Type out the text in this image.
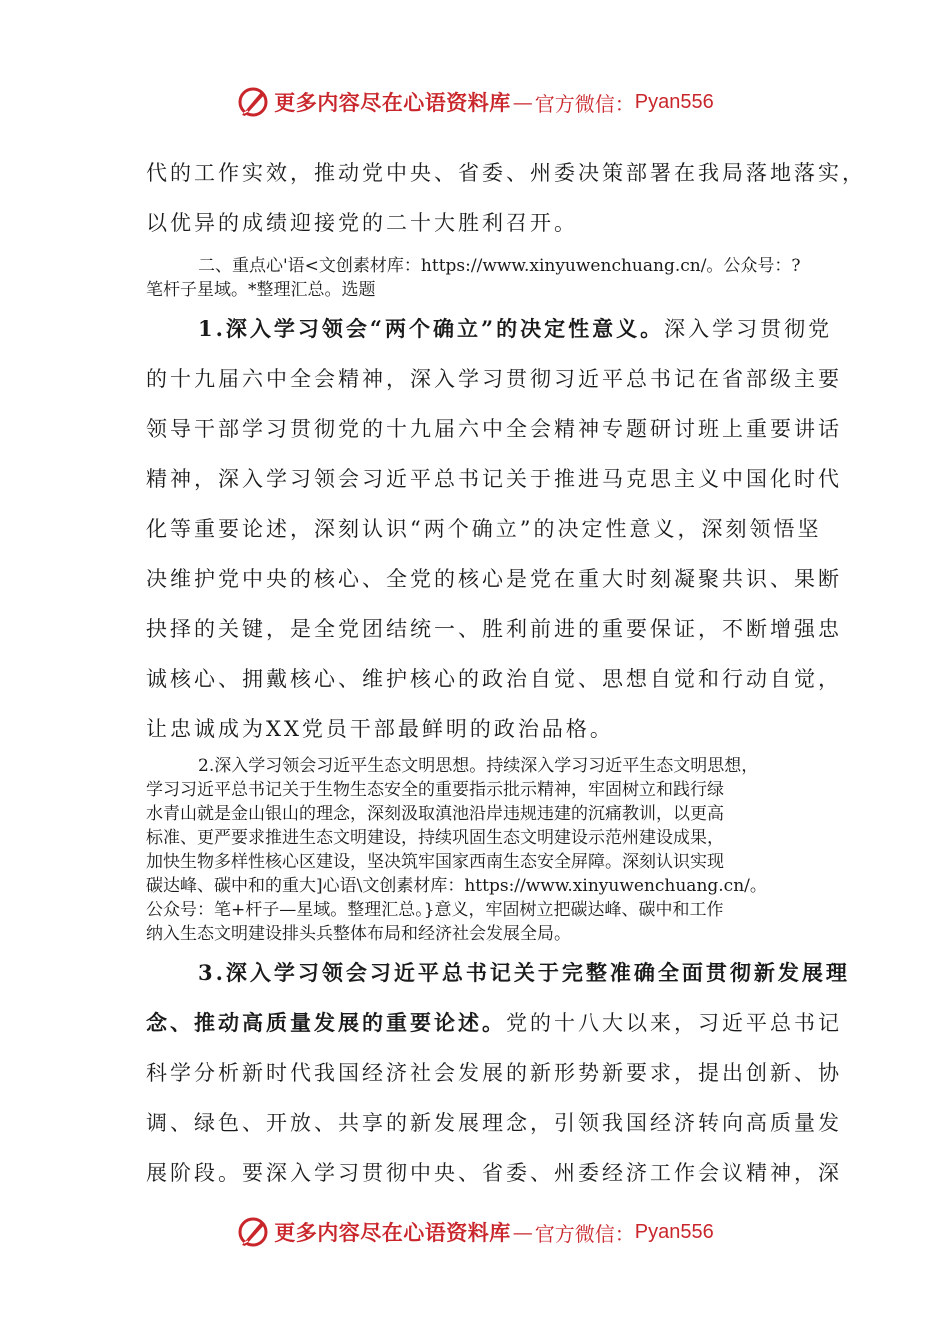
更多内容尽在心语资料库 — 官方微信： Pyan556
代的工作实效，推动党中央、省委、州委决策部署在我局落地落实，
以优异的成绩迎接党的二十大胜利召开。
二、重点心'语<文创素材库：https://www.xinyuwenchuang.cn/。公众号：?
笔杆子星域。*整理汇总。选题
1.深入学习领会“两个确立”的决定性意义。深入学习贯彻党
的十九届六中全会精神，深入学习贯彻习近平总书记在省部级主要
领导干部学习贯彻党的十九届六中全会精神专题研讨班上重要讲话
精神，深入学习领会习近平总书记关于推进马克思主义中国化时代
化等重要论述，深刻认识“两个确立”的决定性意义，深刻领悟坚
决维护党中央的核心、全党的核心是党在重大时刻凝聚共识、果断
抉择的关键，是全党团结统一、胜利前进的重要保证，不断增强忠
诚核心、拥戴核心、维护核心的政治自觉、思想自觉和行动自觉，
让忠诚成为XX党员干部最鲜明的政治品格。
2.深入学习领会习近平生态文明思想。持续深入学习习近平生态文明思想，
学习习近平总书记关于生物生态安全的重要指示批示精神，牢固树立和践行绿
水青山就是金山银山的理念，深刻汲取滇池沿岸违规违建的沉痛教训，以更高
标准、更严要求推进生态文明建设，持续巩固生态文明建设示范州建设成果，
加快生物多样性核心区建设，坚决筑牢国家西南生态安全屏障。深刻认识实现
碳达峰、碳中和的重大]心语\文创素材库：https://www.xinyuwenchuang.cn/。
公众号：笔+杆子—星域。整理汇总。}意义，牢固树立把碳达峰、碳中和工作
纳入生态文明建设排头兵整体布局和经济社会发展全局。
3.深入学习领会习近平总书记关于完整准确全面贯彻新发展理
念、推动高质量发展的重要论述。党的十八大以来，习近平总书记
科学分析新时代我国经济社会发展的新形势新要求，提出创新、协
调、绿色、开放、共享的新发展理念，引领我国经济转向高质量发
展阶段。要深入学习贯彻中央、省委、州委经济工作会议精神，深
更多内容尽在心语资料库 — 官方微信： Pyan556
